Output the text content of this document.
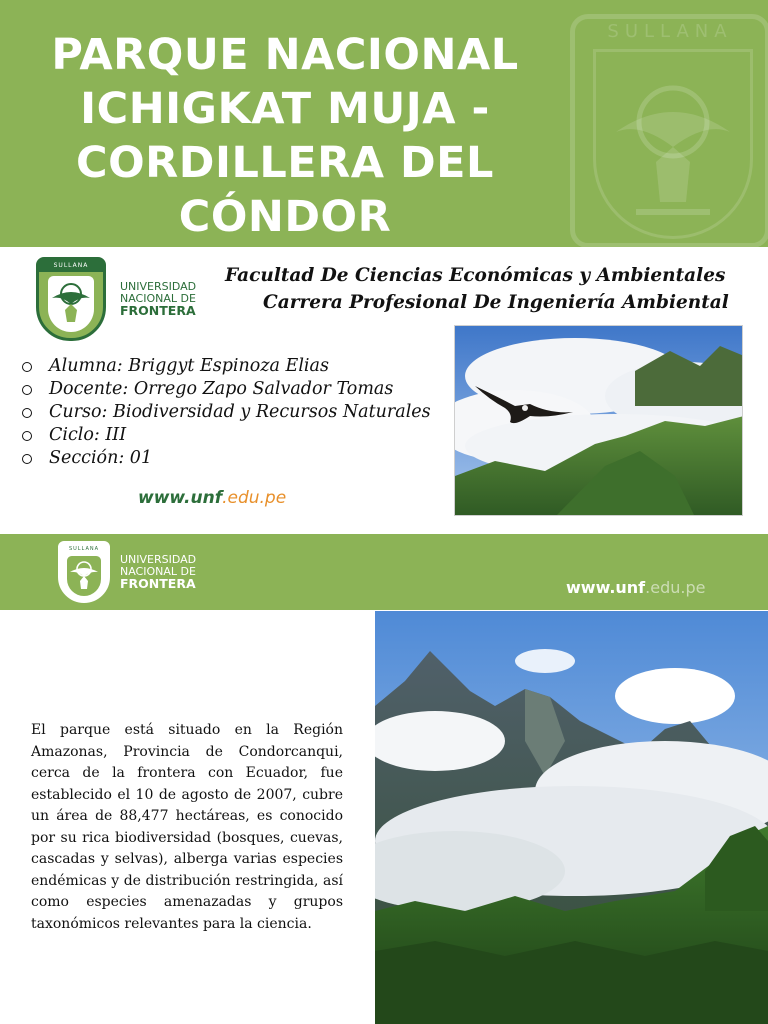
SULLANA
PARQUE NACIONAL ICHIGKAT MUJA - CORDILLERA DEL CÓNDOR
SULLANA
UNIVERSIDAD
NACIONAL DE
FRONTERA
Facultad De Ciencias Económicas y Ambientales
Carrera Profesional De Ingeniería Ambiental
Alumna: Briggyt Espinoza Elias
Docente: Orrego Zapo Salvador Tomas
Curso: Biodiversidad y Recursos Naturales
Ciclo: III
Sección: 01
www.unf.edu.pe
SULLANA
UNIVERSIDAD
NACIONAL DE
FRONTERA	www.unf.edu.pe

El parque está situado en la Región Amazonas, Provincia de Condorcanqui, cerca de la frontera con Ecuador, fue establecido el 10 de agosto de 2007, cubre un área de 88,477 hectáreas, es conocido por su rica biodiversidad (bosques, cuevas, cascadas y selvas), alberga varias especies endémicas y de distribución restringida, así como especies amenazadas y grupos taxonómicos relevantes para la ciencia.
